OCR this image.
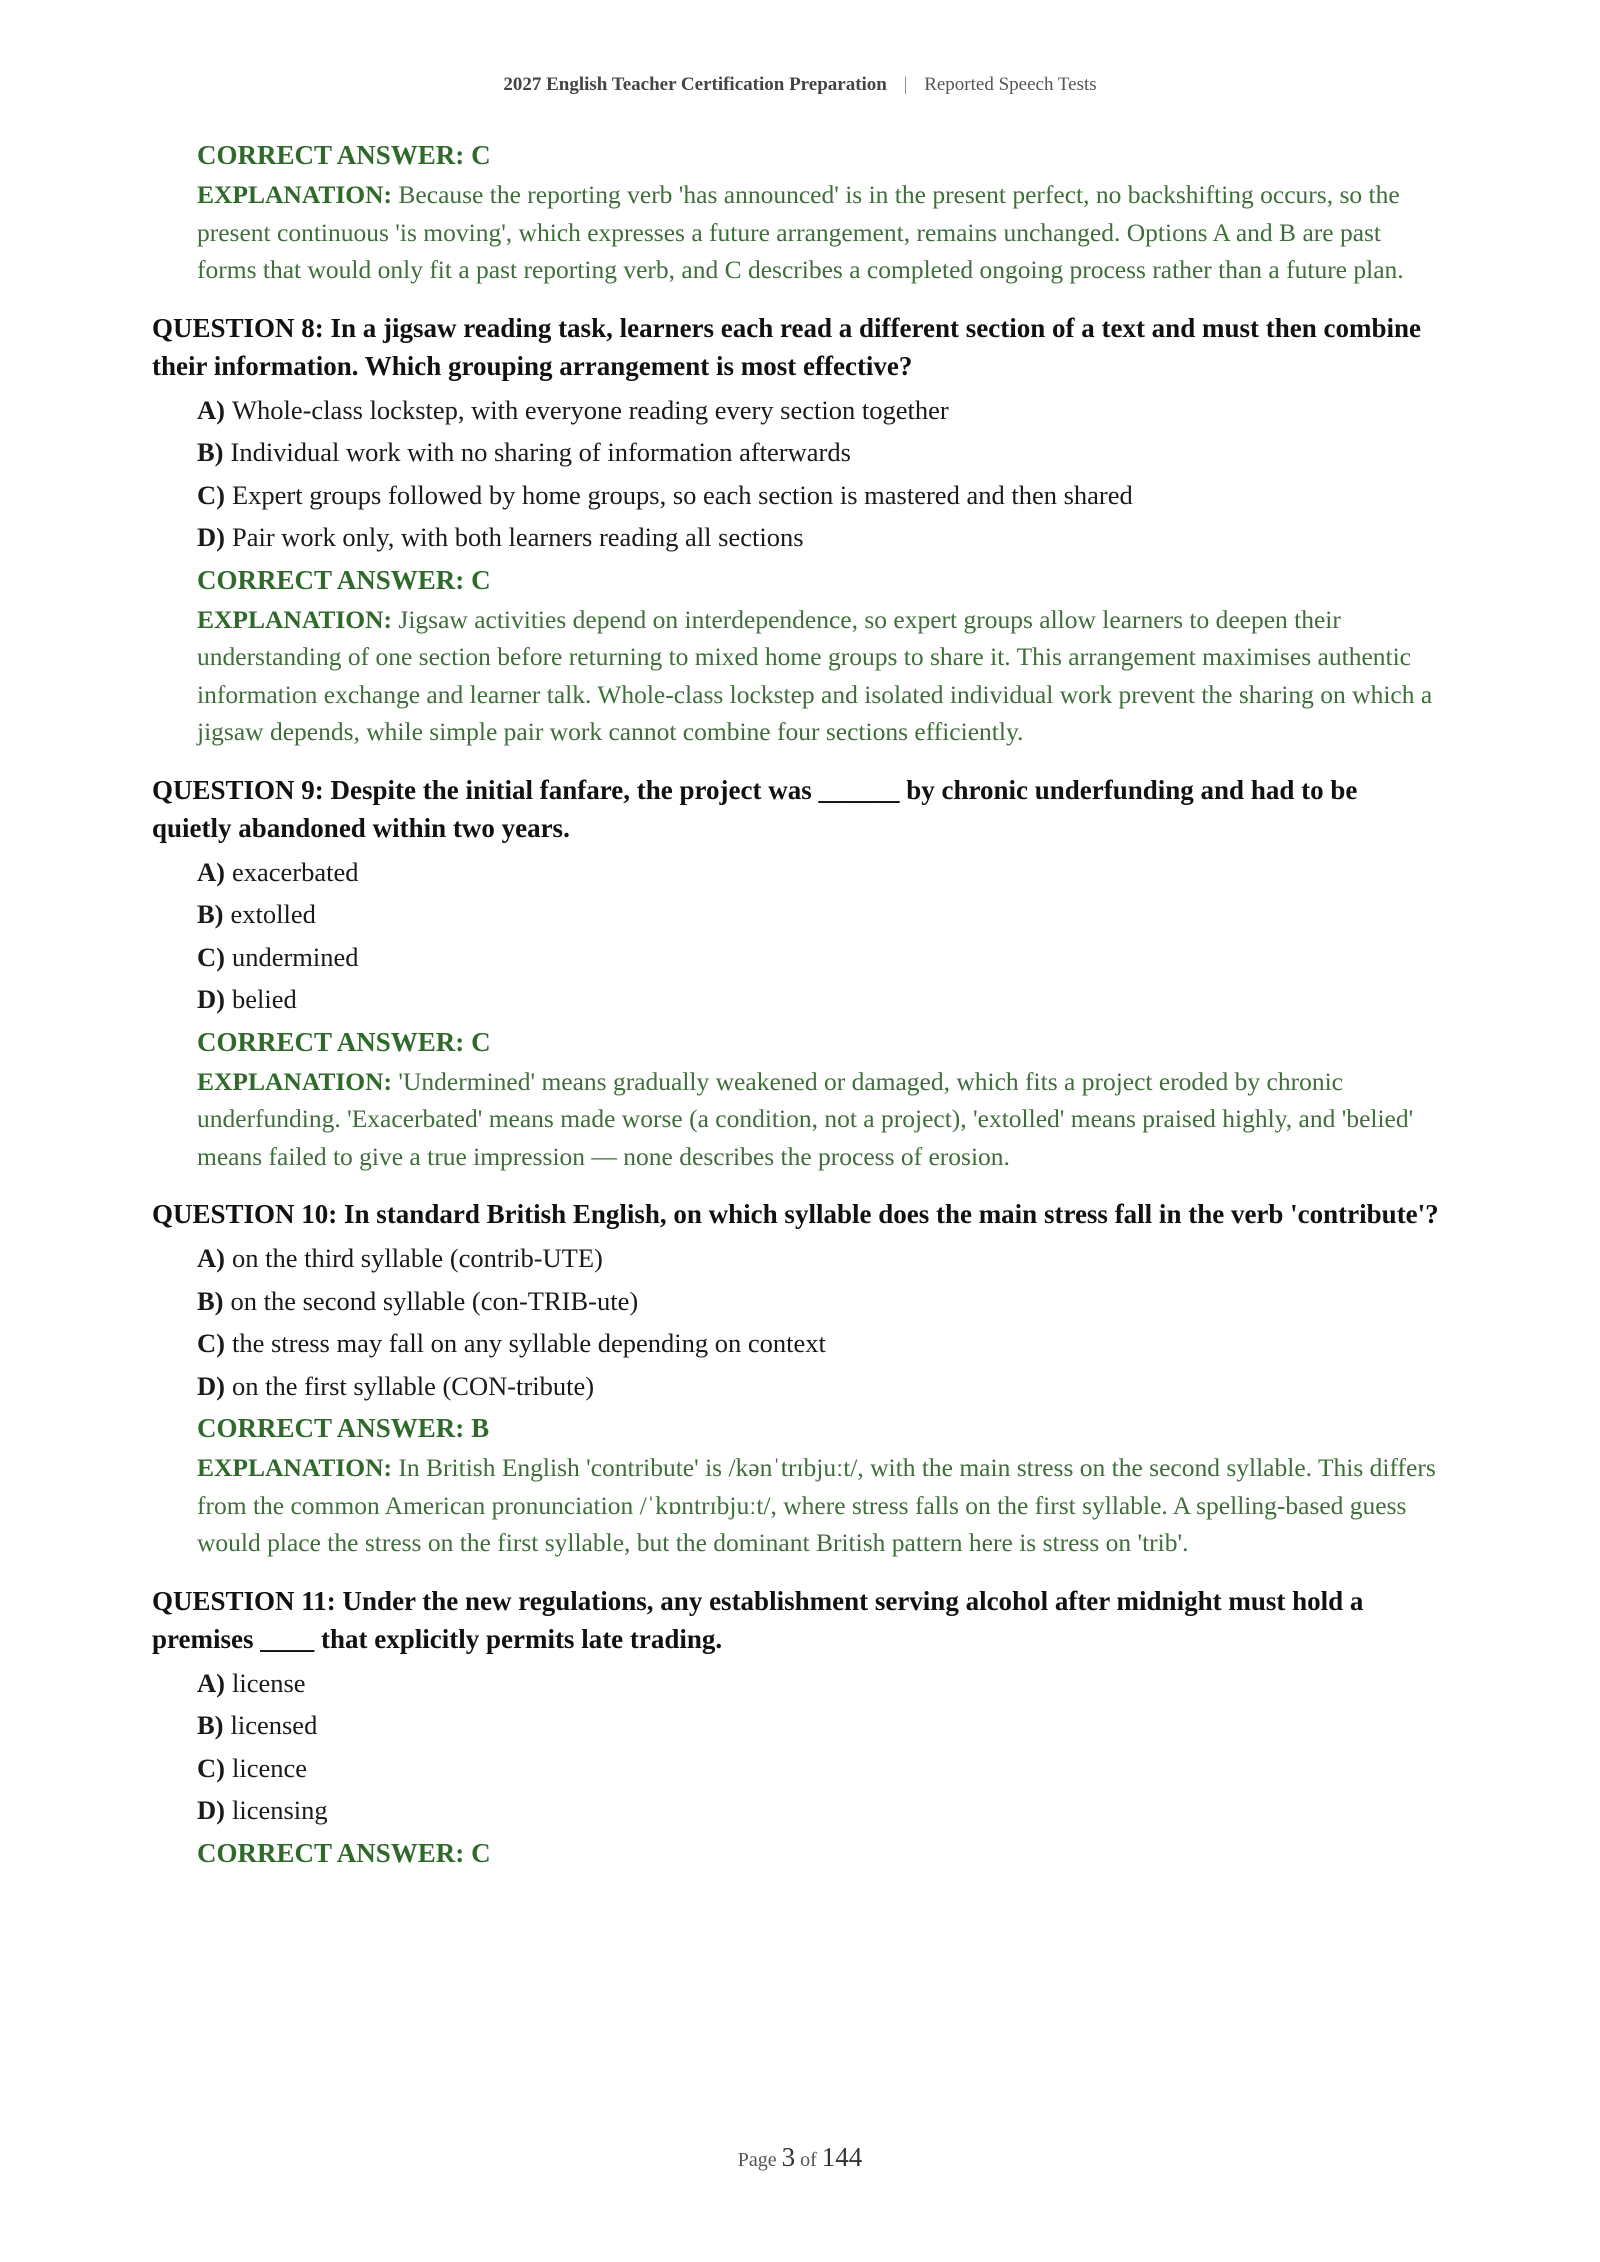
2027 English Teacher Certification Preparation | Reported Speech Tests
CORRECT ANSWER: C
EXPLANATION: Because the reporting verb 'has announced' is in the present perfect, no backshifting occurs, so the present continuous 'is moving', which expresses a future arrangement, remains unchanged. Options A and B are past forms that would only fit a past reporting verb, and C describes a completed ongoing process rather than a future plan.
QUESTION 8: In a jigsaw reading task, learners each read a different section of a text and must then combine their information. Which grouping arrangement is most effective?
A) Whole-class lockstep, with everyone reading every section together
B) Individual work with no sharing of information afterwards
C) Expert groups followed by home groups, so each section is mastered and then shared
D) Pair work only, with both learners reading all sections
CORRECT ANSWER: C
EXPLANATION: Jigsaw activities depend on interdependence, so expert groups allow learners to deepen their understanding of one section before returning to mixed home groups to share it. This arrangement maximises authentic information exchange and learner talk. Whole-class lockstep and isolated individual work prevent the sharing on which a jigsaw depends, while simple pair work cannot combine four sections efficiently.
QUESTION 9: Despite the initial fanfare, the project was ______ by chronic underfunding and had to be quietly abandoned within two years.
A) exacerbated
B) extolled
C) undermined
D) belied
CORRECT ANSWER: C
EXPLANATION: 'Undermined' means gradually weakened or damaged, which fits a project eroded by chronic underfunding. 'Exacerbated' means made worse (a condition, not a project), 'extolled' means praised highly, and 'belied' means failed to give a true impression — none describes the process of erosion.
QUESTION 10: In standard British English, on which syllable does the main stress fall in the verb 'contribute'?
A) on the third syllable (contrib-UTE)
B) on the second syllable (con-TRIB-ute)
C) the stress may fall on any syllable depending on context
D) on the first syllable (CON-tribute)
CORRECT ANSWER: B
EXPLANATION: In British English 'contribute' is /kənˈtrɪbjuːt/, with the main stress on the second syllable. This differs from the common American pronunciation /ˈkɒntrɪbjuːt/, where stress falls on the first syllable. A spelling-based guess would place the stress on the first syllable, but the dominant British pattern here is stress on 'trib'.
QUESTION 11: Under the new regulations, any establishment serving alcohol after midnight must hold a premises ____ that explicitly permits late trading.
A) license
B) licensed
C) licence
D) licensing
CORRECT ANSWER: C
Page 3 of 144
